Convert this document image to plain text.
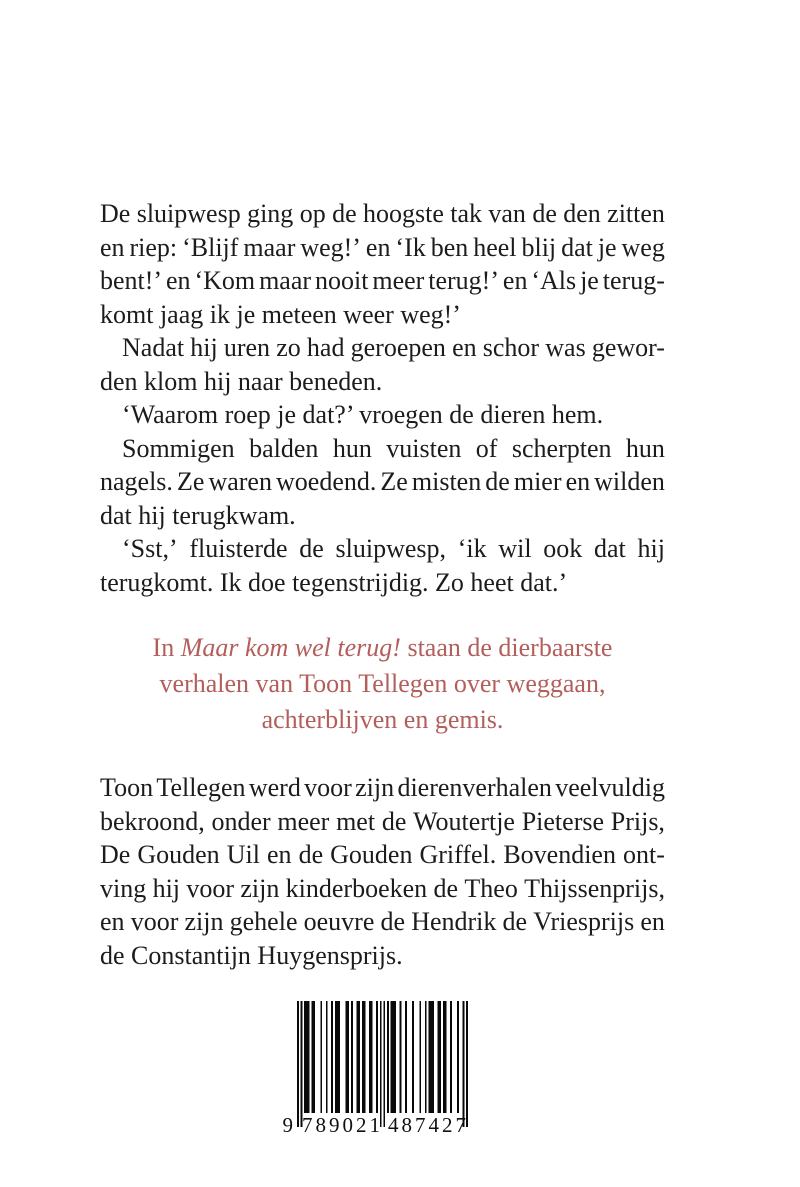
De sluipwesp ging op de hoogste tak van de den zitten
en riep: ‘Blijf maar weg!’ en ‘Ik ben heel blij dat je weg
bent!’ en ‘Kom maar nooit meer terug!’ en ‘Als je terug-
komt jaag ik je meteen weer weg!’
Nadat hij uren zo had geroepen en schor was gewor-
den klom hij naar beneden.
‘Waarom roep je dat?’ vroegen de dieren hem.
Sommigen balden hun vuisten of scherpten hun
nagels. Ze waren woedend. Ze misten de mier en wilden
dat hij terugkwam.
‘Sst,’ fluisterde de sluipwesp, ‘ik wil ook dat hij
terugkomt. Ik doe tegenstrijdig. Zo heet dat.’
In Maar kom wel terug! staan de dierbaarste
verhalen van Toon Tellegen over weggaan,
achterblijven en gemis.
Toon Tellegen werd voor zijn dierenverhalen veelvuldig
bekroond, onder meer met de Woutertje Pieterse Prijs,
De Gouden Uil en de Gouden Griffel. Bovendien ont-
ving hij voor zijn kinderboeken de Theo Thijssenprijs,
en voor zijn gehele oeuvre de Hendrik de Vriesprijs en
de Constantijn Huygensprijs.
9 789021 487427
